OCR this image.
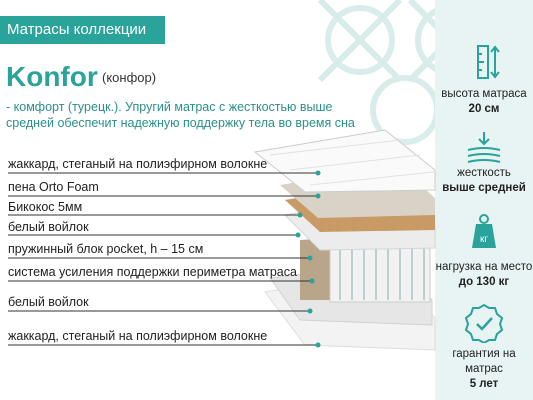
Матрасы коллекции
Konfor (конфор)
- комфорт (турецк.). Упругий матрас с жесткостью выше средней обеспечит надежную поддержку тела во время сна
жаккард, стеганый на полиэфирном волокне
пена Orto Foam
Бикокос 5мм
белый войлок
пружинный блок pocket, h – 15 см
система усиления поддержки периметра матраса
белый войлок
жаккард, стеганый на полиэфирном волокне
высота матраса
20 см
жесткость
выше средней
кг
нагрузка на место
до 130 кг
гарантия на матрас
5 лет
